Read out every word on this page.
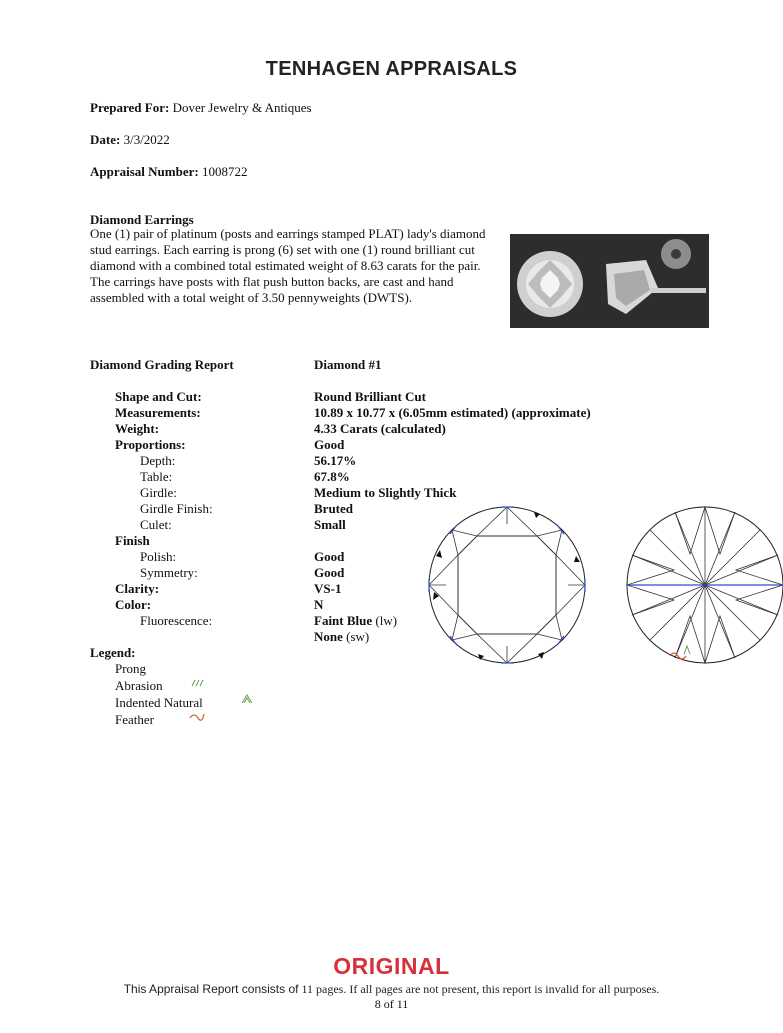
TENHAGEN APPRAISALS
Prepared For: Dover Jewelry & Antiques
Date: 3/3/2022
Appraisal Number: 1008722
Diamond Earrings
One (1) pair of platinum (posts and earrings stamped PLAT) lady's diamond stud earrings. Each earring is prong (6) set with one (1) round brilliant cut diamond with a combined total estimated weight of 8.63 carats for the pair. The carrings have posts with flat push button backs, are cast and hand assembled with a total weight of 3.50 pennyweights (DWTS).
Diamond Grading Report	Diamond #1
Shape and Cut:	Round Brilliant Cut
Measurements:	10.89 x 10.77 x (6.05mm estimated) (approximate)
Weight:	4.33 Carats (calculated)
Proportions:	Good
Depth:	56.17%
Table:	67.8%
Girdle:	Medium to Slightly Thick
Girdle Finish:	Bruted
Culet:	Small
Finish
Polish:	Good
Symmetry:	Good
Clarity:	VS-1
Color:	N
Fluorescence:	Faint Blue (lw)
None (sw)
Legend:
Prong
Abrasion
Indented Natural
Feather
ORIGINAL
This Appraisal Report consists of 11 pages. If all pages are not present, this report is invalid for all purposes.
8 of 11
